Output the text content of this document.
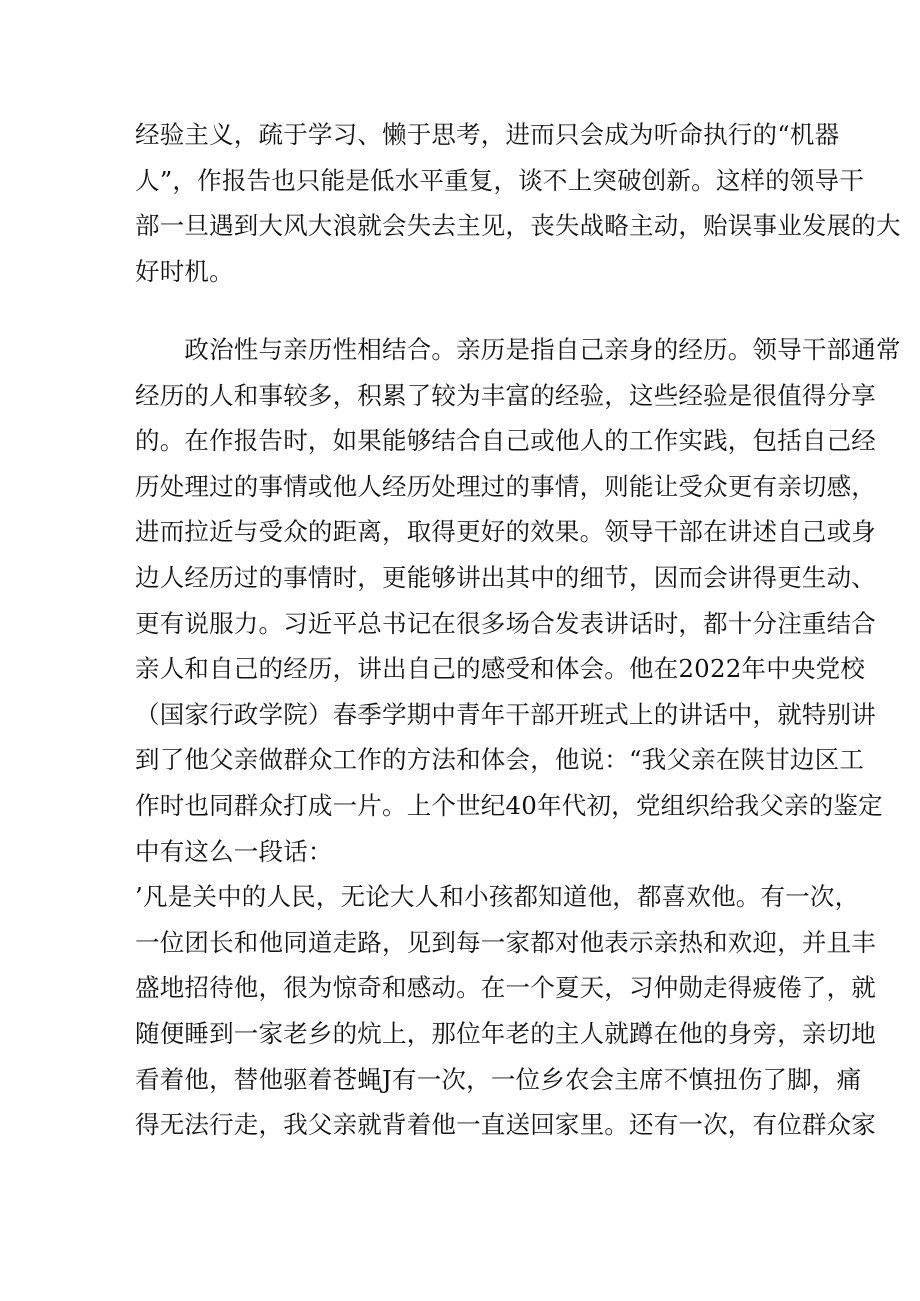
经验主义，疏于学习、懒于思考，进而只会成为听命执行的“机器
人”，作报告也只能是低水平重复，谈不上突破创新。这样的领导干
部一旦遇到大风大浪就会失去主见，丧失战略主动，贻误事业发展的大
好时机。
　　政治性与亲历性相结合。亲历是指自己亲身的经历。领导干部通常
经历的人和事较多，积累了较为丰富的经验，这些经验是很值得分享
的。在作报告时，如果能够结合自己或他人的工作实践，包括自己经
历处理过的事情或他人经历处理过的事情，则能让受众更有亲切感，
进而拉近与受众的距离，取得更好的效果。领导干部在讲述自己或身
边人经历过的事情时，更能够讲出其中的细节，因而会讲得更生动、
更有说服力。习近平总书记在很多场合发表讲话时，都十分注重结合
亲人和自己的经历，讲出自己的感受和体会。他在2022年中央党校
（国家行政学院）春季学期中青年干部开班式上的讲话中，就特别讲
到了他父亲做群众工作的方法和体会，他说：“我父亲在陕甘边区工
作时也同群众打成一片。上个世纪40年代初，党组织给我父亲的鉴定
中有这么一段话：
’凡是关中的人民，无论大人和小孩都知道他，都喜欢他。有一次，
一位团长和他同道走路，见到每一家都对他表示亲热和欢迎，并且丰
盛地招待他，很为惊奇和感动。在一个夏天，习仲勋走得疲倦了，就
随便睡到一家老乡的炕上，那位年老的主人就蹲在他的身旁，亲切地
看着他，替他驱着苍蝇J有一次，一位乡农会主席不慎扭伤了脚，痛
得无法行走，我父亲就背着他一直送回家里。还有一次，有位群众家
